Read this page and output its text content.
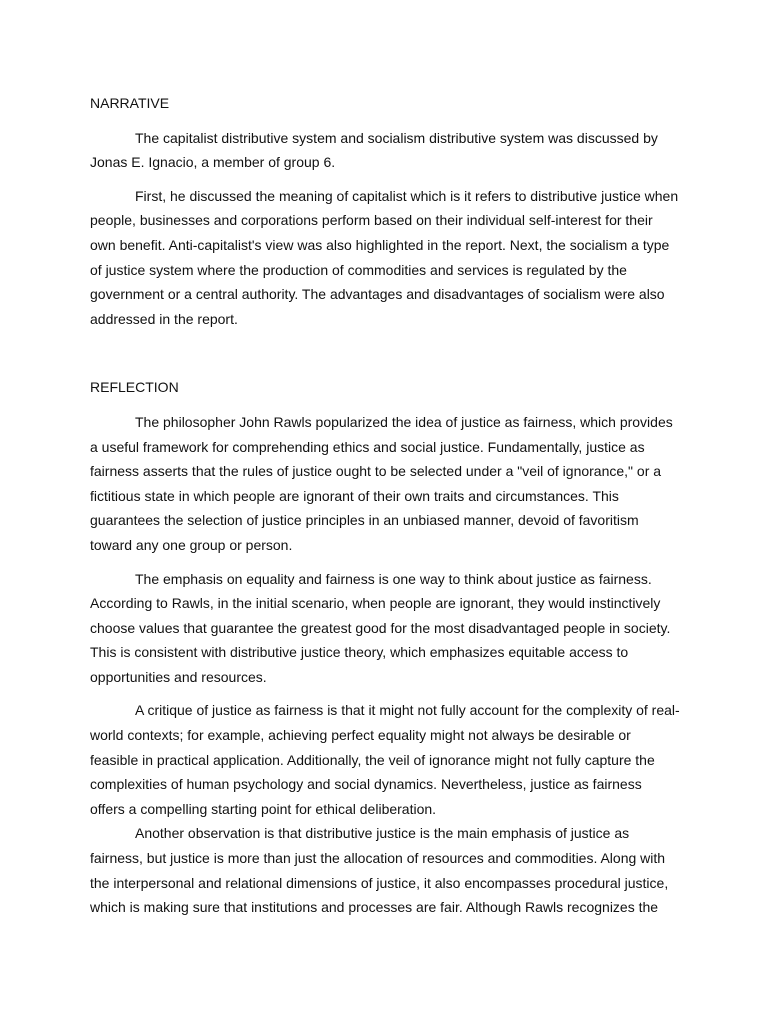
NARRATIVE

The capitalist distributive system and socialism distributive system was discussed by Jonas E. Ignacio, a member of group 6.

First, he discussed the meaning of capitalist which is it refers to distributive justice when people, businesses and corporations perform based on their individual self-interest for their own benefit. Anti-capitalist's view was also highlighted in the report. Next, the socialism a type of justice system where the production of commodities and services is regulated by the government or a central authority. The advantages and disadvantages of socialism were also addressed in the report.

REFLECTION

The philosopher John Rawls popularized the idea of justice as fairness, which provides a useful framework for comprehending ethics and social justice. Fundamentally, justice as fairness asserts that the rules of justice ought to be selected under a "veil of ignorance," or a fictitious state in which people are ignorant of their own traits and circumstances. This guarantees the selection of justice principles in an unbiased manner, devoid of favoritism toward any one group or person.

The emphasis on equality and fairness is one way to think about justice as fairness. According to Rawls, in the initial scenario, when people are ignorant, they would instinctively choose values that guarantee the greatest good for the most disadvantaged people in society. This is consistent with distributive justice theory, which emphasizes equitable access to opportunities and resources.

A critique of justice as fairness is that it might not fully account for the complexity of real-world contexts; for example, achieving perfect equality might not always be desirable or feasible in practical application. Additionally, the veil of ignorance might not fully capture the complexities of human psychology and social dynamics. Nevertheless, justice as fairness offers a compelling starting point for ethical deliberation.

Another observation is that distributive justice is the main emphasis of justice as fairness, but justice is more than just the allocation of resources and commodities. Along with the interpersonal and relational dimensions of justice, it also encompasses procedural justice, which is making sure that institutions and processes are fair. Although Rawls recognizes the
